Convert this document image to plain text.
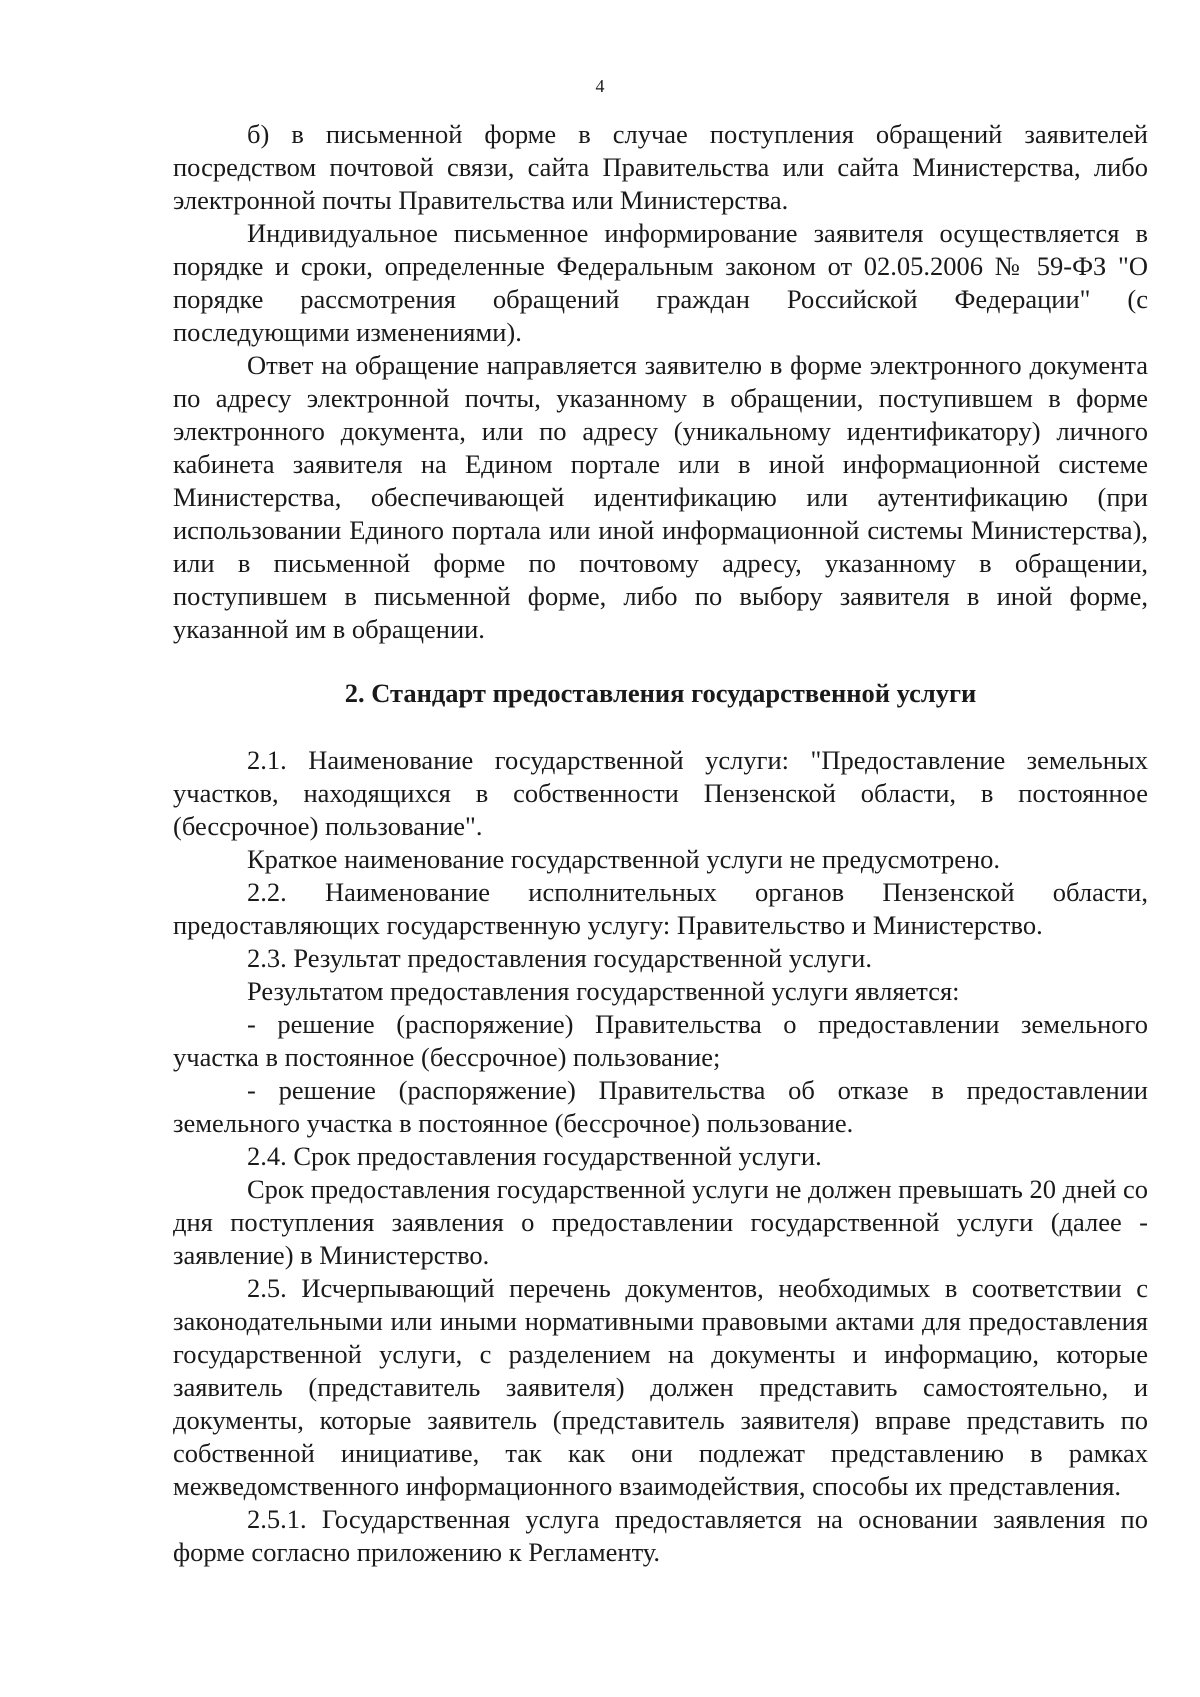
4

б) в письменной форме в случае поступления обращений заявителей посредством почтовой связи, сайта Правительства или сайта Министерства, либо электронной почты Правительства или Министерства.

Индивидуальное письменное информирование заявителя осуществляется в порядке и сроки, определенные Федеральным законом от 02.05.2006 № 59-ФЗ "О порядке рассмотрения обращений граждан Российской Федерации" (с последующими изменениями).

Ответ на обращение направляется заявителю в форме электронного документа по адресу электронной почты, указанному в обращении, поступившем в форме электронного документа, или по адресу (уникальному идентификатору) личного кабинета заявителя на Едином портале или в иной информационной системе Министерства, обеспечивающей идентификацию или аутентификацию (при использовании Единого портала или иной информационной системы Министерства), или в письменной форме по почтовому адресу, указанному в обращении, поступившем в письменной форме, либо по выбору заявителя в иной форме, указанной им в обращении.

2. Стандарт предоставления государственной услуги

2.1. Наименование государственной услуги: "Предоставление земельных участков, находящихся в собственности Пензенской области, в постоянное (бессрочное) пользование".

Краткое наименование государственной услуги не предусмотрено.

2.2. Наименование исполнительных органов Пензенской области, предоставляющих государственную услугу: Правительство и Министерство.

2.3. Результат предоставления государственной услуги.

Результатом предоставления государственной услуги является:

- решение (распоряжение) Правительства о предоставлении земельного участка в постоянное (бессрочное) пользование;

- решение (распоряжение) Правительства об отказе в предоставлении земельного участка в постоянное (бессрочное) пользование.

2.4. Срок предоставления государственной услуги.

Срок предоставления государственной услуги не должен превышать 20 дней со дня поступления заявления о предоставлении государственной услуги (далее - заявление) в Министерство.

2.5. Исчерпывающий перечень документов, необходимых в соответствии с законодательными или иными нормативными правовыми актами для предоставления государственной услуги, с разделением на документы и информацию, которые заявитель (представитель заявителя) должен представить самостоятельно, и документы, которые заявитель (представитель заявителя) вправе представить по собственной инициативе, так как они подлежат представлению в рамках межведомственного информационного взаимодействия, способы их представления.

2.5.1. Государственная услуга предоставляется на основании заявления по форме согласно приложению к Регламенту.
